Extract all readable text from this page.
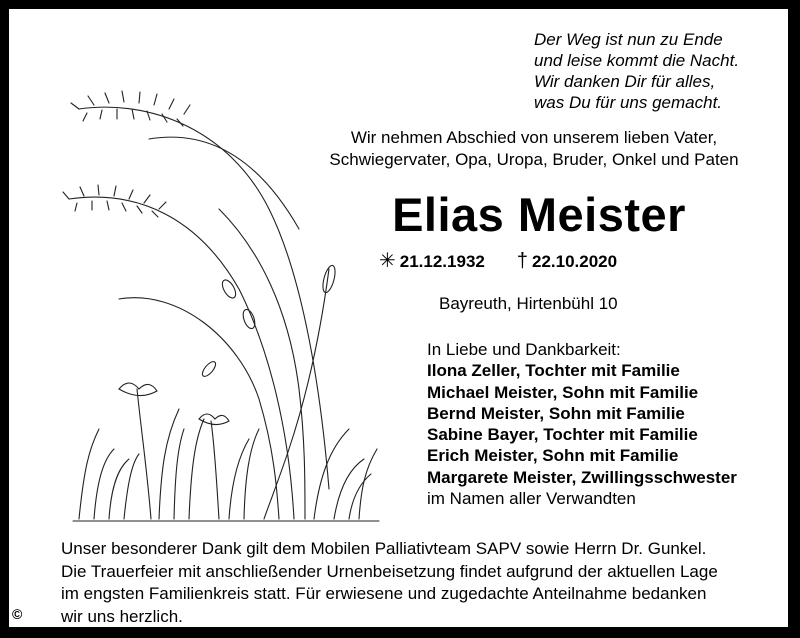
Der Weg ist nun zu Ende
und leise kommt die Nacht.
Wir danken Dir für alles,
was Du für uns gemacht.
Wir nehmen Abschied von unserem lieben Vater,
Schwiegervater, Opa, Uropa, Bruder, Onkel und Paten
Elias Meister
✳ 21.12.1932 † 22.10.2020
Bayreuth, Hirtenbühl 10
In Liebe und Dankbarkeit:
Ilona Zeller, Tochter mit Familie
Michael Meister, Sohn mit Familie
Bernd Meister, Sohn mit Familie
Sabine Bayer, Tochter mit Familie
Erich Meister, Sohn mit Familie
Margarete Meister, Zwillingsschwester
im Namen aller Verwandten
Unser besonderer Dank gilt dem Mobilen Palliativteam SAPV sowie Herrn Dr. Gunkel.
Die Trauerfeier mit anschließender Urnenbeisetzung findet aufgrund der aktuellen Lage
im engsten Familienkreis statt. Für erwiesene und zugedachte Anteilnahme bedanken
wir uns herzlich.
©
